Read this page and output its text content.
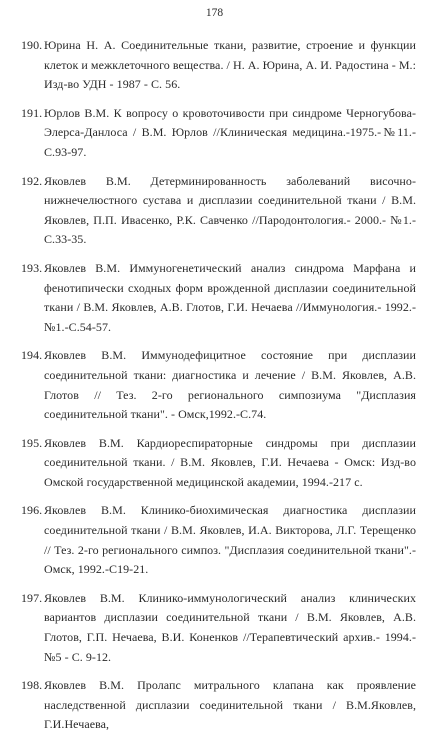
178
190. Юрина Н. А. Соединительные ткани, развитие, строение и функции клеток и межклеточного вещества. / Н. А. Юрина, А. И. Радостина - М.: Изд-во УДН - 1987 - С. 56.
191. Юрлов В.М. К вопросу о кровоточивости при синдроме Черногубова-Элерса-Данлоса / В.М. Юрлов //Клиническая медицина.-1975.-№11.-С.93-97.
192. Яковлев В.М. Детерминированность заболеваний височно-нижнечелюстного сустава и дисплазии соединительной ткани / В.М. Яковлев, П.П. Ивасенко, Р.К. Савченко //Пародонтология.- 2000.- №1.-С.33-35.
193. Яковлев В.М. Иммуногенетический анализ синдрома Марфана и фенотипически сходных форм врожденной дисплазии соединительной ткани / В.М. Яковлев, А.В. Глотов, Г.И. Нечаева //Иммунология.- 1992.- №1.-С.54-57.
194. Яковлев В.М. Иммунодефицитное состояние при дисплазии соединительной ткани: диагностика и лечение / В.М. Яковлев, А.В. Глотов // Тез. 2-го регионального симпозиума "Дисплазия соединительной ткани". - Омск,1992.-С.74.
195. Яковлев В.М. Кардиореспираторные синдромы при дисплазии соединительной ткани. / В.М. Яковлев, Г.И. Нечаева - Омск: Изд-во Омской государственной медицинской академии, 1994.-217 с.
196. Яковлев В.М. Клинико-биохимическая диагностика дисплазии соединительной ткани / В.М. Яковлев, И.А. Викторова, Л.Г. Терещенко // Тез. 2-го регионального симпоз. "Дисплазия соединительной ткани".- Омск, 1992.-С19-21.
197. Яковлев В.М. Клинико-иммунологический анализ клинических вариантов дисплазии соединительной ткани / В.М. Яковлев, А.В. Глотов, Г.П. Нечаева, В.И. Коненков //Терапевтический архив.- 1994.- №5 - С. 9-12.
198. Яковлев В.М. Пролапс митрального клапана как проявление наследственной дисплазии соединительной ткани / В.М.Яковлев, Г.И.Нечаева,
